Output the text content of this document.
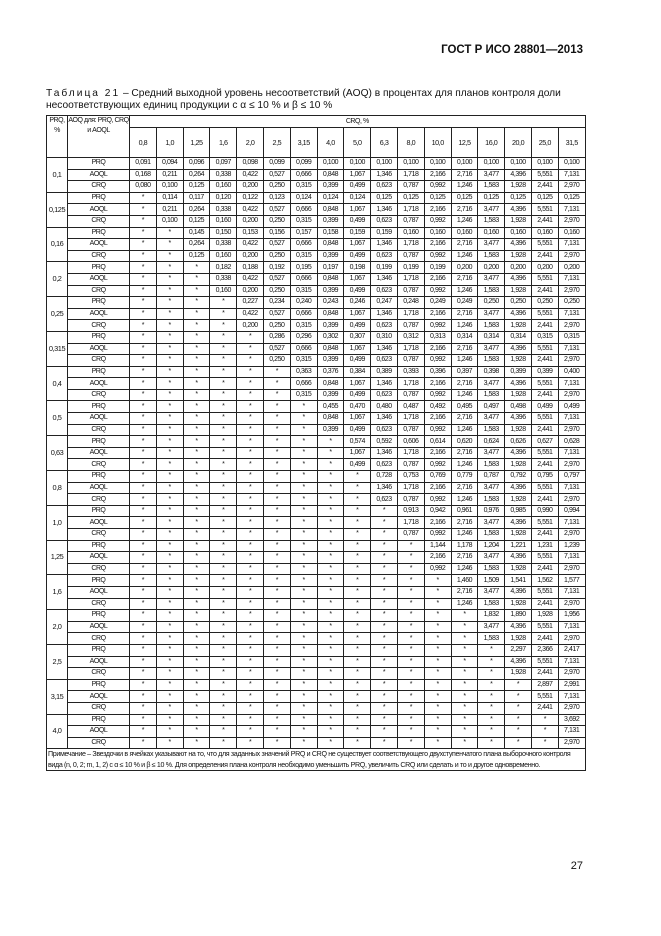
ГОСТ Р ИСО 28801—2013
Таблица 21 – Средний выходной уровень несоответствий (AOQ) в процентах для планов контроля доли несоответствующих единиц продукции с α ≤ 10 % и β ≤ 10 %
PRQ, %	AOQ для: PRQ, CRQ и AOQL	CRQ, %																
		0,8	1,0	1,25	1,6	2,0	2,5	3,15	4,0	5,0	6,3	8,0	10,0	12,5	16,0	20,0	25,0	31,5
0,1	PRQ	0,091	0,094	0,096	0,097	0,098	0,099	0,099	0,100	0,100	0,100	0,100	0,100	0,100	0,100	0,100	0,100	0,100
	AOQL	0,168	0,211	0,264	0,338	0,422	0,527	0,666	0,848	1,067	1,346	1,718	2,166	2,716	3,477	4,396	5,551	7,131
	CRQ	0,080	0,100	0,125	0,160	0,200	0,250	0,315	0,399	0,499	0,623	0,787	0,992	1,246	1,583	1,928	2,441	2,970
0,125	PRQ	*	0,114	0,117	0,120	0,122	0,123	0,124	0,124	0,124	0,125	0,125	0,125	0,125	0,125	0,125	0,125	0,125
	AOQL	*	0,211	0,264	0,338	0,422	0,527	0,666	0,848	1,067	1,346	1,718	2,166	2,716	3,477	4,396	5,551	7,131
	CRQ	*	0,100	0,125	0,160	0,200	0,250	0,315	0,399	0,499	0,623	0,787	0,992	1,246	1,583	1,928	2,441	2,970
0,16	PRQ	*	*	0,145	0,150	0,153	0,156	0,157	0,158	0,159	0,159	0,160	0,160	0,160	0,160	0,160	0,160	0,160
	AOQL	*	*	0,264	0,338	0,422	0,527	0,666	0,848	1,067	1,346	1,718	2,166	2,716	3,477	4,396	5,551	7,131
	CRQ	*	*	0,125	0,160	0,200	0,250	0,315	0,399	0,499	0,623	0,787	0,992	1,246	1,583	1,928	2,441	2,970
0,2	PRQ	*	*	*	0,182	0,188	0,192	0,195	0,197	0,198	0,199	0,199	0,199	0,200	0,200	0,200	0,200	0,200
	AOQL	*	*	*	0,338	0,422	0,527	0,666	0,848	1,067	1,346	1,718	2,166	2,716	3,477	4,396	5,551	7,131
	CRQ	*	*	*	0,160	0,200	0,250	0,315	0,399	0,499	0,623	0,787	0,992	1,246	1,583	1,928	2,441	2,970
0,25	PRQ	*	*	*	*	0,227	0,234	0,240	0,243	0,246	0,247	0,248	0,249	0,249	0,250	0,250	0,250	0,250
	AOQL	*	*	*	*	0,422	0,527	0,666	0,848	1,067	1,346	1,718	2,166	2,716	3,477	4,396	5,551	7,131
	CRQ	*	*	*	*	0,200	0,250	0,315	0,399	0,499	0,623	0,787	0,992	1,246	1,583	1,928	2,441	2,970
0,315	PRQ	*	*	*	*	*	0,286	0,296	0,302	0,307	0,310	0,312	0,313	0,314	0,314	0,314	0,315	0,315
	AOQL	*	*	*	*	*	0,527	0,666	0,848	1,067	1,346	1,718	2,166	2,716	3,477	4,396	5,551	7,131
	CRQ	*	*	*	*	*	0,250	0,315	0,399	0,499	0,623	0,787	0,992	1,246	1,583	1,928	2,441	2,970
0,4	PRQ	*	*	*	*	*	*	0,363	0,376	0,384	0,389	0,393	0,396	0,397	0,398	0,399	0,399	0,400
	AOQL	*	*	*	*	*	*	0,666	0,848	1,067	1,346	1,718	2,166	2,716	3,477	4,396	5,551	7,131
	CRQ	*	*	*	*	*	*	0,315	0,399	0,499	0,623	0,787	0,992	1,246	1,583	1,928	2,441	2,970
0,5	PRQ	*	*	*	*	*	*	*	0,455	0,470	0,480	0,487	0,492	0,495	0,497	0,498	0,499	0,499
	AOQL	*	*	*	*	*	*	*	0,848	1,067	1,346	1,718	2,166	2,716	3,477	4,396	5,551	7,131
	CRQ	*	*	*	*	*	*	*	0,399	0,499	0,623	0,787	0,992	1,246	1,583	1,928	2,441	2,970
0,63	PRQ	*	*	*	*	*	*	*	*	0,574	0,592	0,606	0,614	0,620	0,624	0,626	0,627	0,628
	AOQL	*	*	*	*	*	*	*	*	1,067	1,346	1,718	2,166	2,716	3,477	4,396	5,551	7,131
	CRQ	*	*	*	*	*	*	*	*	0,499	0,623	0,787	0,992	1,246	1,583	1,928	2,441	2,970
0,8	PRQ	*	*	*	*	*	*	*	*	*	0,728	0,753	0,769	0,779	0,787	0,792	0,795	0,797
	AOQL	*	*	*	*	*	*	*	*	*	1,346	1,718	2,166	2,716	3,477	4,396	5,551	7,131
	CRQ	*	*	*	*	*	*	*	*	*	0,623	0,787	0,992	1,246	1,583	1,928	2,441	2,970
1,0	PRQ	*	*	*	*	*	*	*	*	*	*	0,913	0,942	0,961	0,976	0,985	0,990	0,994
	AOQL	*	*	*	*	*	*	*	*	*	*	1,718	2,166	2,716	3,477	4,396	5,551	7,131
	CRQ	*	*	*	*	*	*	*	*	*	*	0,787	0,992	1,246	1,583	1,928	2,441	2,970
1,25	PRQ	*	*	*	*	*	*	*	*	*	*	*	1,144	1,178	1,204	1,221	1,231	1,239
	AOQL	*	*	*	*	*	*	*	*	*	*	*	2,166	2,716	3,477	4,396	5,551	7,131
	CRQ	*	*	*	*	*	*	*	*	*	*	*	0,992	1,246	1,583	1,928	2,441	2,970
1,6	PRQ	*	*	*	*	*	*	*	*	*	*	*	*	1,460	1,509	1,541	1,562	1,577
	AOQL	*	*	*	*	*	*	*	*	*	*	*	*	2,716	3,477	4,396	5,551	7,131
	CRQ	*	*	*	*	*	*	*	*	*	*	*	*	1,246	1,583	1,928	2,441	2,970
2,0	PRQ	*	*	*	*	*	*	*	*	*	*	*	*	*	1,832	1,890	1,928	1,956
	AOQL	*	*	*	*	*	*	*	*	*	*	*	*	*	3,477	4,396	5,551	7,131
	CRQ	*	*	*	*	*	*	*	*	*	*	*	*	*	1,583	1,928	2,441	2,970
2,5	PRQ	*	*	*	*	*	*	*	*	*	*	*	*	*	*	2,297	2,366	2,417
	AOQL	*	*	*	*	*	*	*	*	*	*	*	*	*	*	4,396	5,551	7,131
	CRQ	*	*	*	*	*	*	*	*	*	*	*	*	*	*	1,928	2,441	2,970
3,15	PRQ	*	*	*	*	*	*	*	*	*	*	*	*	*	*	*	2,897	2,991
	AOQL	*	*	*	*	*	*	*	*	*	*	*	*	*	*	*	5,551	7,131
	CRQ	*	*	*	*	*	*	*	*	*	*	*	*	*	*	*	2,441	2,970
4,0	PRQ	*	*	*	*	*	*	*	*	*	*	*	*	*	*	*	*	3,692
	AOQL	*	*	*	*	*	*	*	*	*	*	*	*	*	*	*	*	7,131
	CRQ	*	*	*	*	*	*	*	*	*	*	*	*	*	*	*	*	2,970
Примечание – Звездочки в ячейках указывают на то, что для заданных значений PRQ и CRQ не существует соответствующего двухступенчатого плана выборочного контроля вида (n, 0, 2; m, 1, 2) с α ≤ 10 % и β ≤ 10 %. Для определения плана контроля необходимо уменьшить PRQ, увеличить CRQ или сделать и то и другое одновременно.																		
27
